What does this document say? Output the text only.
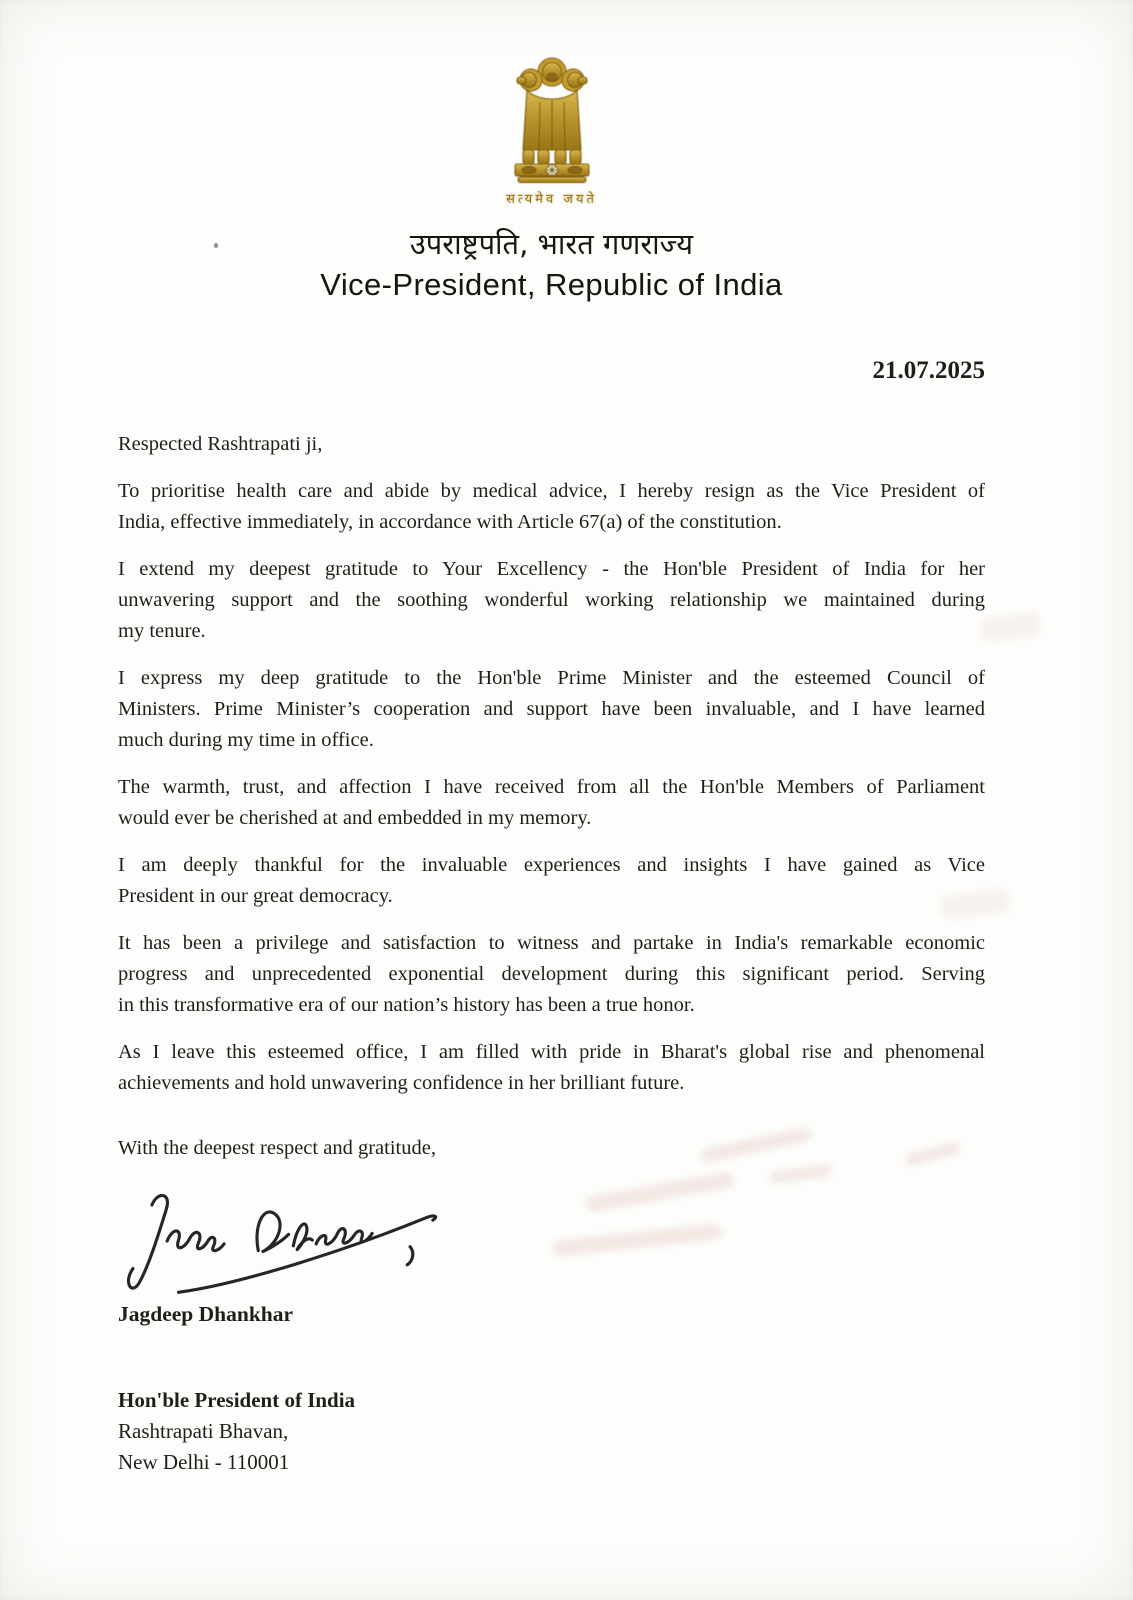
सत्यमेव जयते
उपराष्ट्रपति, भारत गणराज्य
Vice-President, Republic of India
21.07.2025
Respected Rashtrapati ji,
To prioritise health care and abide by medical advice, I hereby resign as the Vice President of
India, effective immediately, in accordance with Article 67(a) of the constitution.
I extend my deepest gratitude to Your Excellency - the Hon'ble President of India for her
unwavering support and the soothing wonderful working relationship we maintained during
my tenure.
I express my deep gratitude to the Hon'ble Prime Minister and the esteemed Council of
Ministers. Prime Minister’s cooperation and support have been invaluable, and I have learned
much during my time in office.
The warmth, trust, and affection I have received from all the Hon'ble Members of Parliament
would ever be cherished at and embedded in my memory.
I am deeply thankful for the invaluable experiences and insights I have gained as Vice
President in our great democracy.
It has been a privilege and satisfaction to witness and partake in India's remarkable economic
progress and unprecedented exponential development during this significant period. Serving
in this transformative era of our nation’s history has been a true honor.
As I leave this esteemed office, I am filled with pride in Bharat's global rise and phenomenal
achievements and hold unwavering confidence in her brilliant future.
With the deepest respect and gratitude,
Jagdeep Dhankhar
Hon'ble President of India
Rashtrapati Bhavan,
New Delhi - 110001
